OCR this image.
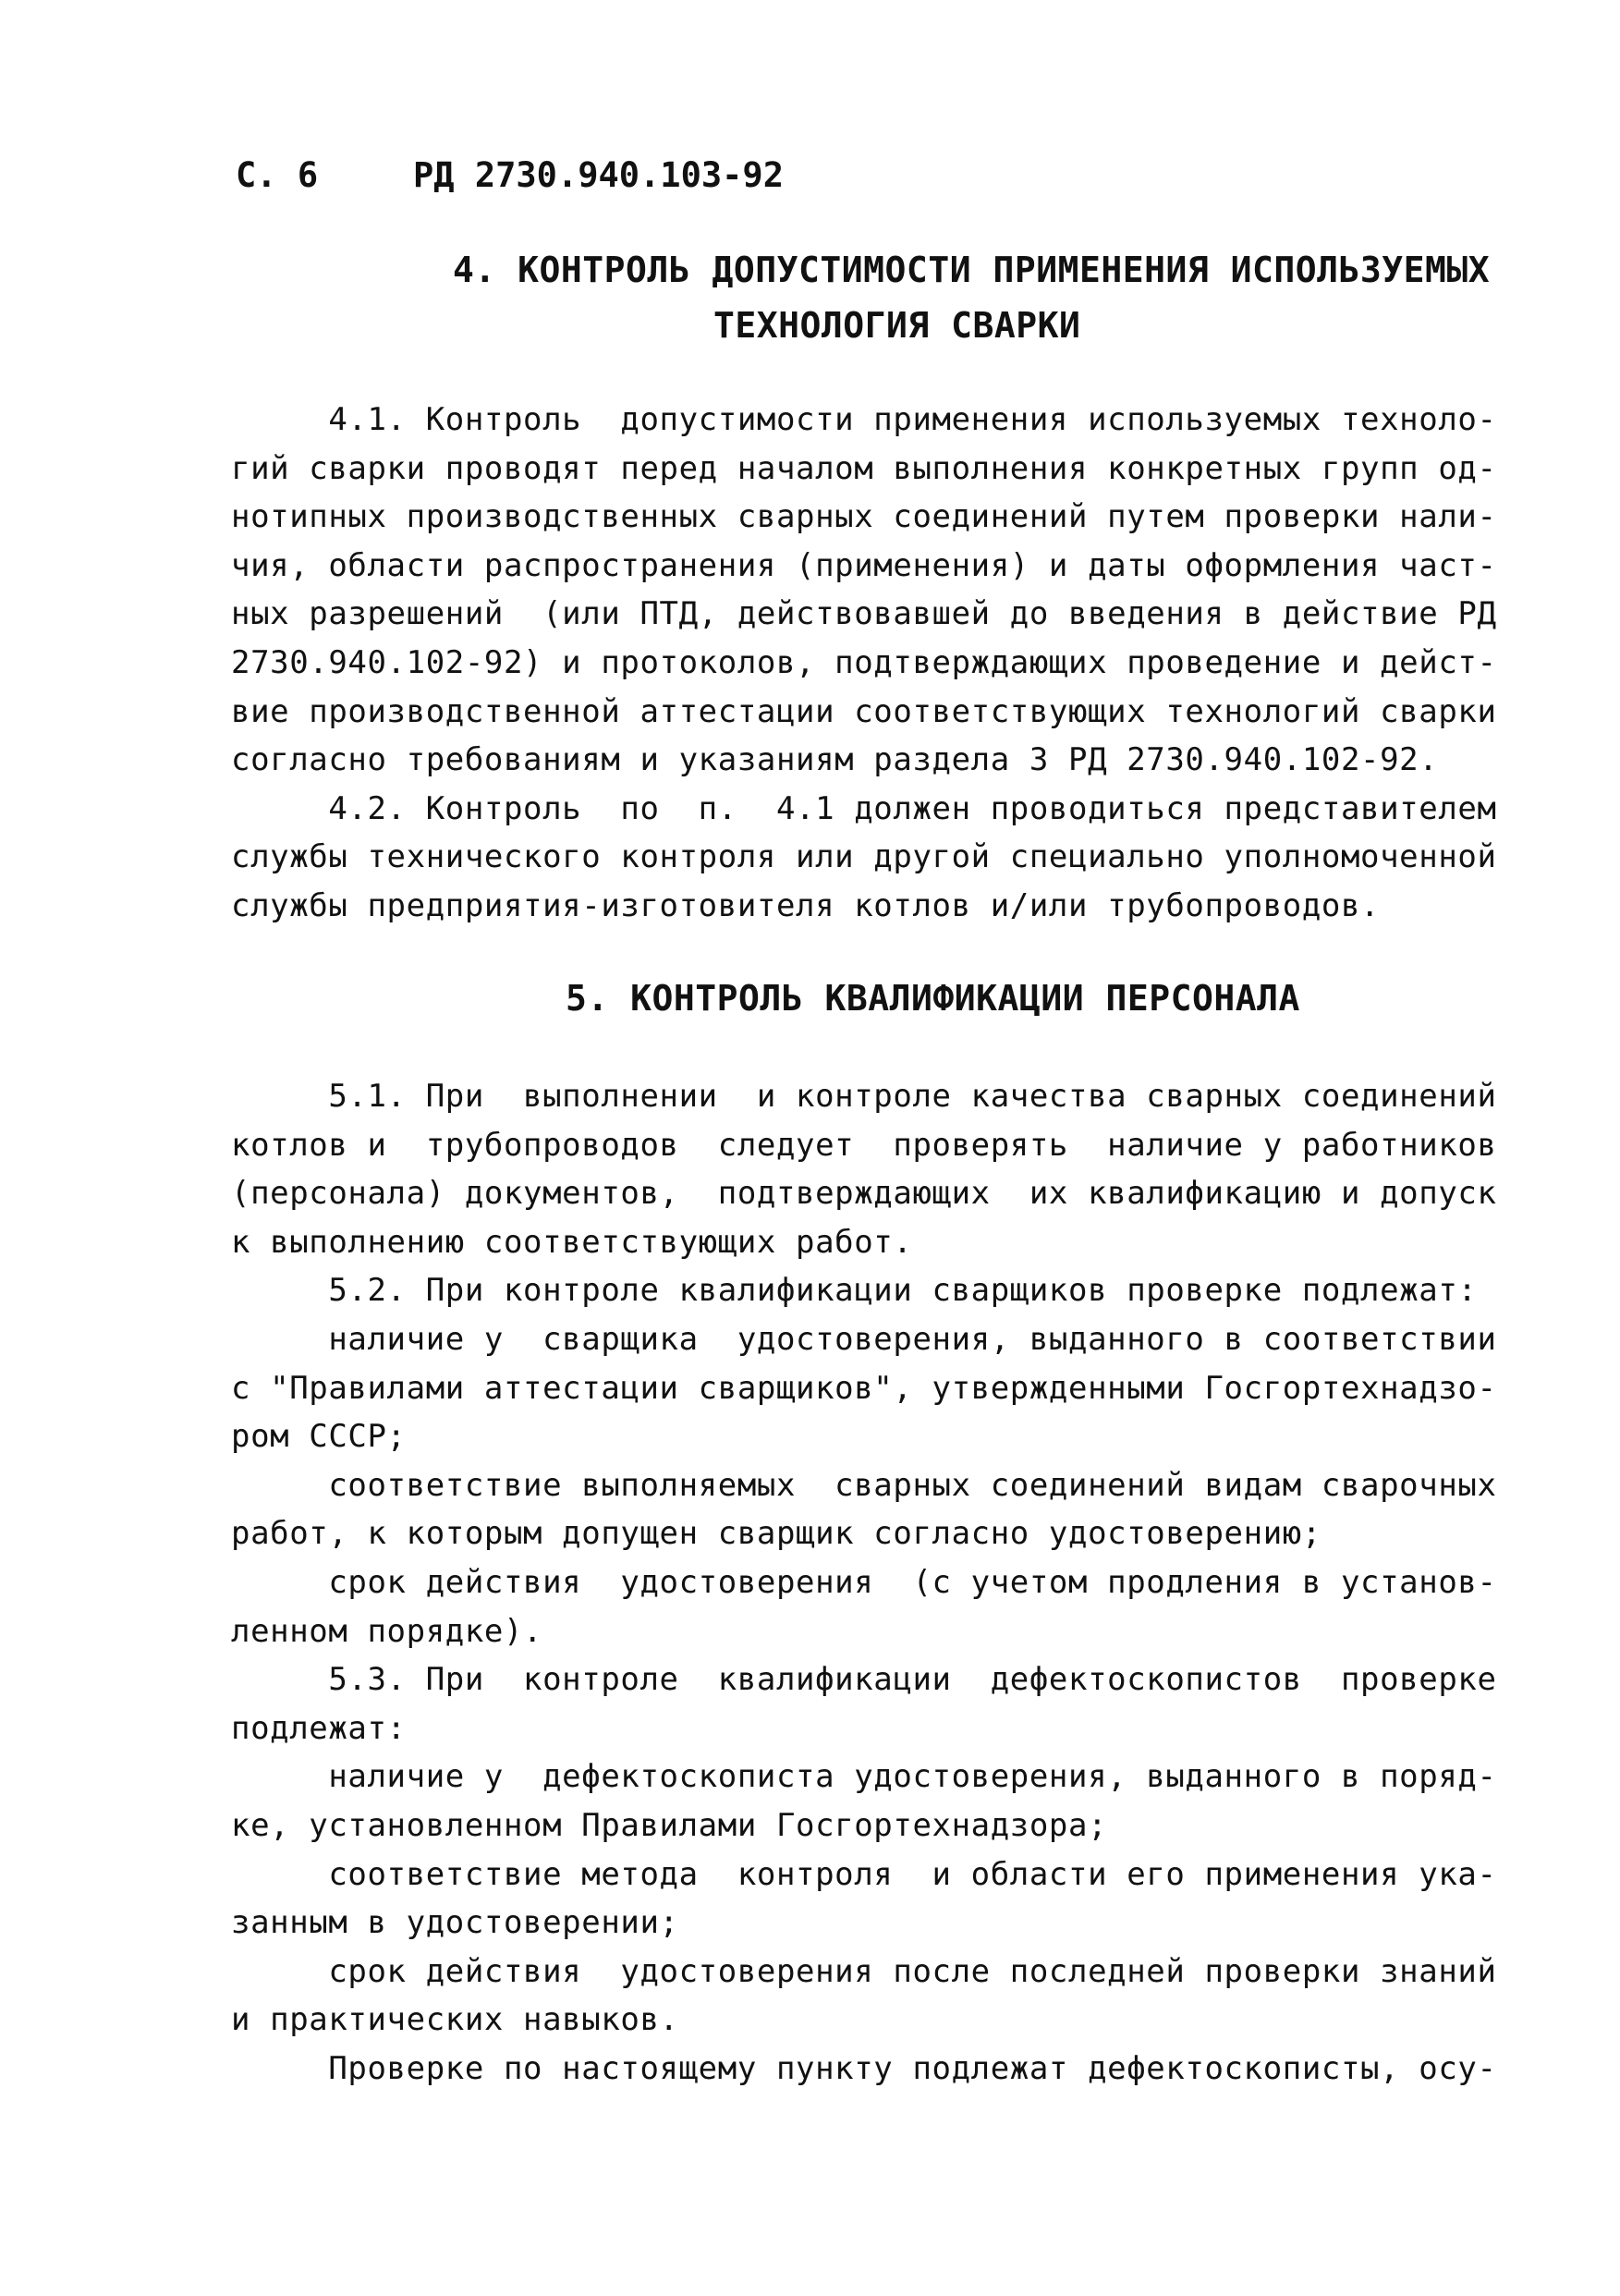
С. 6	РД 2730.940.103-92
4. КОНТРОЛЬ ДОПУСТИМОСТИ ПРИМЕНЕНИЯ ИСПОЛЬЗУЕМЫХ
ТЕХНОЛОГИЯ СВАРКИ
4.1. Контроль  допустимости применения используемых техноло-
гий сварки проводят перед началом выполнения конкретных групп од-
нотипных производственных сварных соединений путем проверки нали-
чия, области распространения (применения) и даты оформления част-
ных разрешений  (или ПТД, действовавшей до введения в действие РД
2730.940.102-92) и протоколов, подтверждающих проведение и дейст-
вие производственной аттестации соответствующих технологий сварки
согласно требованиям и указаниям раздела 3 РД 2730.940.102-92.
4.2. Контроль  по  п.  4.1 должен проводиться представителем
службы технического контроля или другой специально уполномоченной
службы предприятия-изготовителя котлов и/или трубопроводов.
5. КОНТРОЛЬ КВАЛИФИКАЦИИ ПЕРСОНАЛА
5.1. При  выполнении  и контроле качества сварных соединений
котлов и  трубопроводов  следует  проверять  наличие у работников
(персонала) документов,  подтверждающих  их квалификацию и допуск
к выполнению соответствующих работ.
5.2. При контроле квалификации сварщиков проверке подлежат:
наличие у  сварщика  удостоверения, выданного в соответствии
с "Правилами аттестации сварщиков", утвержденными Госгортехнадзо-
ром СССР;
соответствие выполняемых  сварных соединений видам сварочных
работ, к которым допущен сварщик согласно удостоверению;
срок действия  удостоверения  (с учетом продления в установ-
ленном порядке).
5.3. При  контроле  квалификации  дефектоскопистов  проверке
подлежат:
наличие у  дефектоскописта удостоверения, выданного в поряд-
ке, установленном Правилами Госгортехнадзора;
соответствие метода  контроля  и области его применения ука-
занным в удостоверении;
срок действия  удостоверения после последней проверки знаний
и практических навыков.
Проверке по настоящему пункту подлежат дефектоскописты, осу-
